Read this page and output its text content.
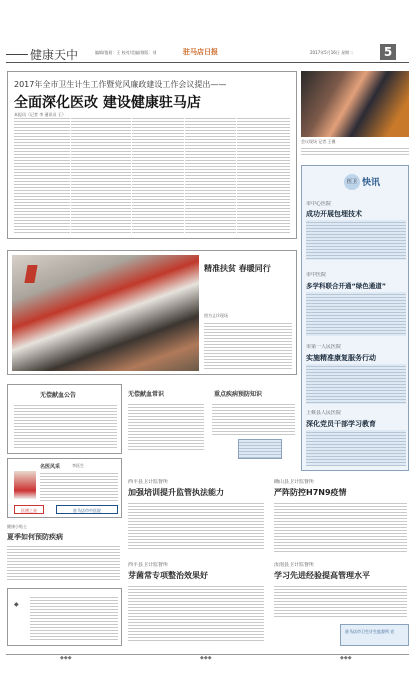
健康天中	编辑/值班：王 校对/美编/排版：刘	驻马店日报	2017年5月16日 星期二	5
2017年全市卫生计生工作暨党风廉政建设工作会议提出——
全面深化医改 建设健康驻马店
本报讯（记者 李 通讯员 王）
会议现场 记者 王摄
医卫 快讯
市中心医院
成功开展包埋技术
市中医院
多学科联合开通“绿色通道”
市第一人民医院
实施精准康复服务行动
上蔡县人民医院
深化党员干部学习教育
精准扶贫 春暖同行
图为义诊现场
无偿献血公告	无偿献血常识	重点疾病预防知识
名医风采	李医生
医德之星	驻马店市中医院
健康小贴士
夏季如何预防疾病
◆
西平县卫计监督所
加强培训提升监管执法能力
确山县卫计监督所
严阵防控H7N9疫情
西平县卫计监督所
芽菌常专项整治效果好
汝南县卫计监督所
学习先进经验提高管理水平
驻马店市卫生计生监督所 宣
◆◆◆	◆◆◆	◆◆◆
